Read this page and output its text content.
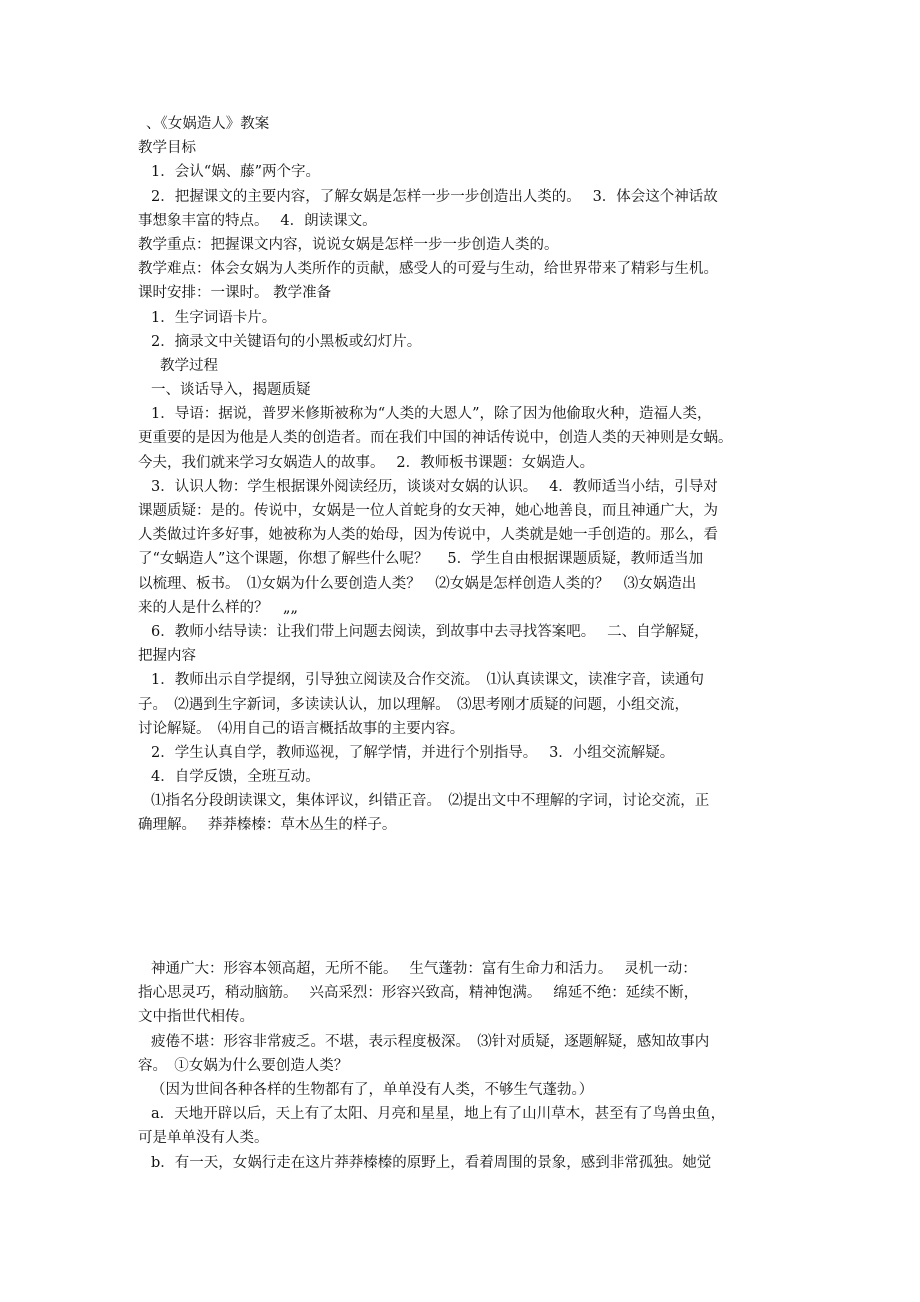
、《女娲造人》教案
教学目标
1．会认“娲、藤”两个字。
2．把握课文的主要内容，了解女娲是怎样一步一步创造出人类的。　 3．体会这个神话故
事想象丰富的特点。　 4．朗读课文。
教学重点：把握课文内容，说说女娲是怎样一步一步创造人类的。
教学难点：体会女娲为人类所作的贡献，感受人的可爱与生动，给世界带来了精彩与生机。
课时安排：一课时。 教学准备
1．生字词语卡片。
2．摘录文中关键语句的小黑板或幻灯片。
教学过程
一、谈话导入，揭题质疑
1．导语：据说，普罗米修斯被称为“人类的大恩人”，除了因为他偷取火种，造福人类，
更重要的是因为他是人类的创造者。而在我们中国的神话传说中，创造人类的天神则是女蜗。
今夫，我们就来学习女娲造人的故事。　 2．教师板书课题：女娲造人。
3．认识人物：学生根据课外阅读经历，谈谈对女娲的认识。　 4．教师适当小结，引导对
课题质疑：是的。传说中，女娲是一位人首蛇身的女天神，她心地善良，而且神通广大，为
人类做过许多好事，她被称为人类的始母，因为传说中，人类就是她一手创造的。那么，看
了“女蜗造人”这个课题，你想了解些什么呢？　 5．学生自由根据课题质疑，教师适当加
以梳理、板书。　⑴女娲为什么要创造人类？　⑵女娲是怎样创造人类的？　⑶女娲造出
来的人是什么样的？　„„
6．教师小结导读：让我们带上问题去阅读，到故事中去寻找答案吧。　 二、自学解疑，
把握内容
1．教师出示自学提纲，引导独立阅读及合作交流。　⑴认真读课文，读准字音，读通句
子。　⑵遇到生字新词，多读读认认，加以理解。　⑶思考刚才质疑的问题，小组交流，
讨论解疑。　⑷用自己的语言概括故事的主要内容。
2．学生认真自学，教师巡视，了解学情，并进行个别指导。　 3．小组交流解疑。
4．自学反馈，全班互动。
⑴指名分段朗读课文，集体评议，纠错正音。　⑵提出文中不理解的字词，讨论交流，正
确理解。　 莽莽榛榛：草木丛生的样子。
神通广大：形容本领高超，无所不能。　 生气蓬勃：富有生命力和活力。　 灵机一动：
指心思灵巧，稍动脑筋。　 兴高采烈：形容兴致高，精神饱满。　 绵延不绝：延续不断，
文中指世代相传。
疲倦不堪：形容非常疲乏。不堪，表示程度极深。　⑶针对质疑，逐题解疑，感知故事内
容。　①女娲为什么要创造人类？
（因为世间各种各样的生物都有了，单单没有人类，不够生气蓬勃。）
a．天地开辟以后，天上有了太阳、月亮和星星，地上有了山川草木，甚至有了鸟兽虫鱼，
可是单单没有人类。
b．有一天，女娲行走在这片莽莽榛榛的原野上，看着周围的景象，感到非常孤独。她觉
